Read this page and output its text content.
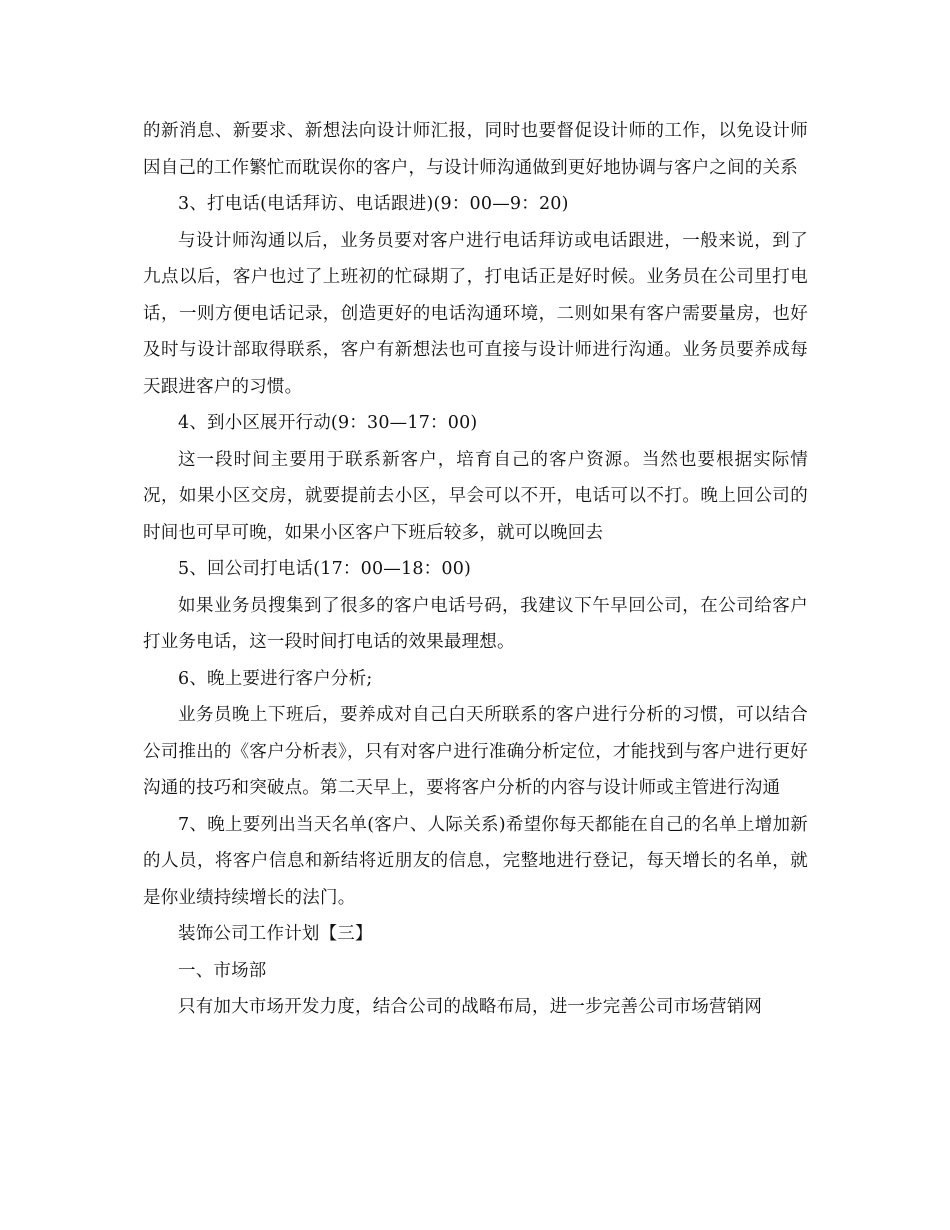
的新消息、新要求、新想法向设计师汇报，同时也要督促设计师的工作，以免设计师因自己的工作繁忙而耽误你的客户，与设计师沟通做到更好地协调与客户之间的关系

3、打电话(电话拜访、电话跟进)(9：00—9：20)

与设计师沟通以后，业务员要对客户进行电话拜访或电话跟进，一般来说，到了九点以后，客户也过了上班初的忙碌期了，打电话正是好时候。业务员在公司里打电话，一则方便电话记录，创造更好的电话沟通环境，二则如果有客户需要量房，也好及时与设计部取得联系，客户有新想法也可直接与设计师进行沟通。业务员要养成每天跟进客户的习惯。

4、到小区展开行动(9：30—17：00)

这一段时间主要用于联系新客户，培育自己的客户资源。当然也要根据实际情况，如果小区交房，就要提前去小区，早会可以不开，电话可以不打。晚上回公司的时间也可早可晚，如果小区客户下班后较多，就可以晚回去

5、回公司打电话(17：00—18：00)

如果业务员搜集到了很多的客户电话号码，我建议下午早回公司，在公司给客户打业务电话，这一段时间打电话的效果最理想。

6、晚上要进行客户分析;

业务员晚上下班后，要养成对自己白天所联系的客户进行分析的习惯，可以结合公司推出的《客户分析表》，只有对客户进行准确分析定位，才能找到与客户进行更好沟通的技巧和突破点。第二天早上，要将客户分析的内容与设计师或主管进行沟通

7、晚上要列出当天名单(客户、人际关系)希望你每天都能在自己的名单上增加新的人员，将客户信息和新结将近朋友的信息，完整地进行登记，每天增长的名单，就是你业绩持续增长的法门。

装饰公司工作计划【三】

一、市场部

只有加大市场开发力度，结合公司的战略布局，进一步完善公司市场营销网
